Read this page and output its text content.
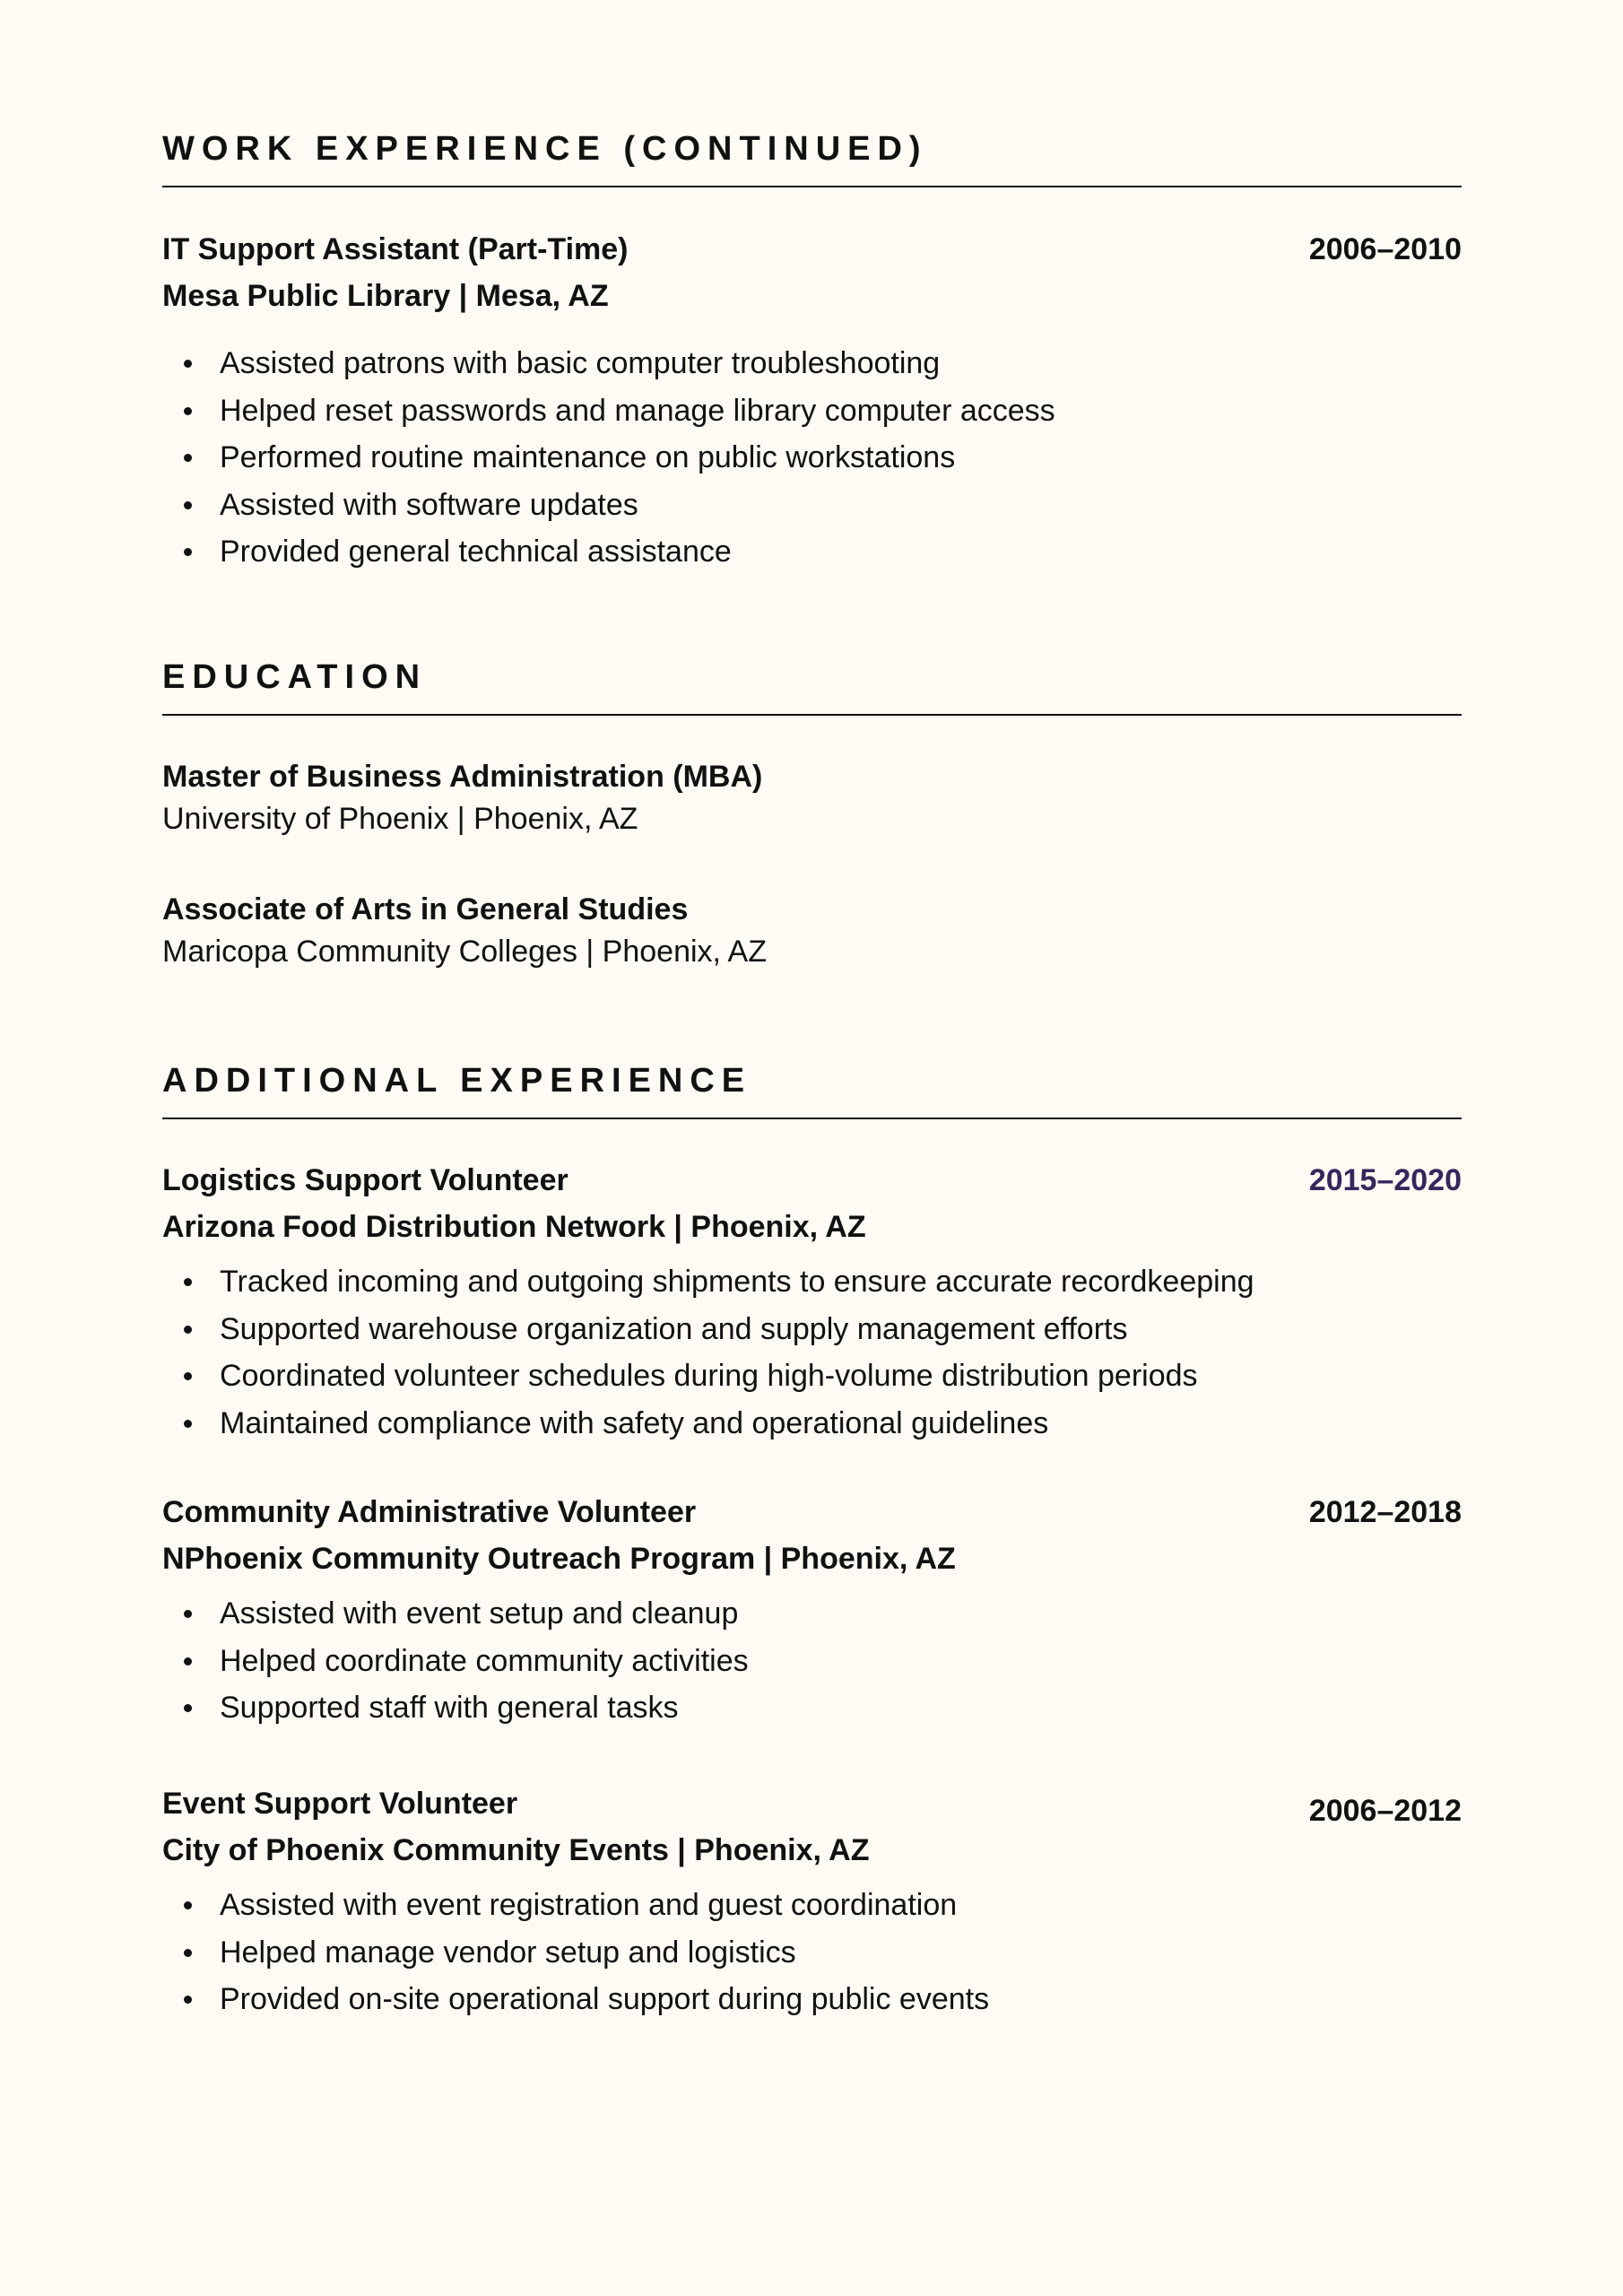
WORK EXPERIENCE (CONTINUED)
IT Support Assistant (Part-Time)	2006–2010
Mesa Public Library | Mesa, AZ
Assisted patrons with basic computer troubleshooting
Helped reset passwords and manage library computer access
Performed routine maintenance on public workstations
Assisted with software updates
Provided general technical assistance
EDUCATION
Master of Business Administration (MBA)
University of Phoenix | Phoenix, AZ
Associate of Arts in General Studies
Maricopa Community Colleges | Phoenix, AZ
ADDITIONAL EXPERIENCE
Logistics Support Volunteer	2015–2020
Arizona Food Distribution Network | Phoenix, AZ
Tracked incoming and outgoing shipments to ensure accurate recordkeeping
Supported warehouse organization and supply management efforts
Coordinated volunteer schedules during high-volume distribution periods
Maintained compliance with safety and operational guidelines
Community Administrative Volunteer	2012–2018
NPhoenix Community Outreach Program | Phoenix, AZ
Assisted with event setup and cleanup
Helped coordinate community activities
Supported staff with general tasks
Event Support Volunteer	2006–2012
City of Phoenix Community Events | Phoenix, AZ
Assisted with event registration and guest coordination
Helped manage vendor setup and logistics
Provided on-site operational support during public events
